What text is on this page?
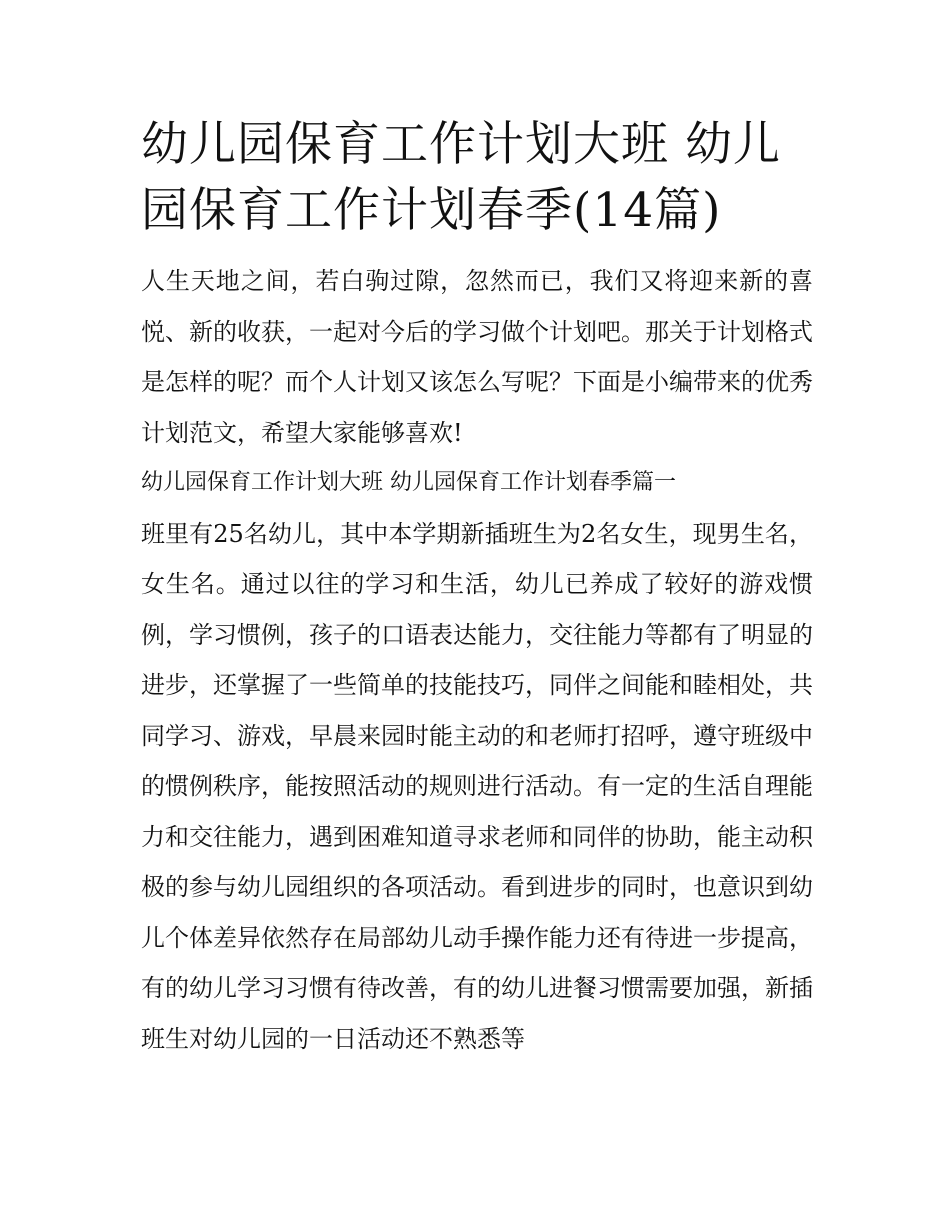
幼儿园保育工作计划大班 幼儿园保育工作计划春季(14篇)

人生天地之间，若白驹过隙，忽然而已，我们又将迎来新的喜悦、新的收获，一起对今后的学习做个计划吧。那关于计划格式是怎样的呢？而个人计划又该怎么写呢？下面是小编带来的优秀计划范文，希望大家能够喜欢!

幼儿园保育工作计划大班 幼儿园保育工作计划春季篇一

班里有25名幼儿，其中本学期新插班生为2名女生，现男生名，女生名。通过以往的学习和生活，幼儿已养成了较好的游戏惯例，学习惯例，孩子的口语表达能力，交往能力等都有了明显的进步，还掌握了一些简单的技能技巧，同伴之间能和睦相处，共同学习、游戏，早晨来园时能主动的和老师打招呼，遵守班级中的惯例秩序，能按照活动的规则进行活动。有一定的生活自理能力和交往能力，遇到困难知道寻求老师和同伴的协助，能主动积极的参与幼儿园组织的各项活动。看到进步的同时，也意识到幼儿个体差异依然存在局部幼儿动手操作能力还有待进一步提高，有的幼儿学习习惯有待改善，有的幼儿进餐习惯需要加强，新插班生对幼儿园的一日活动还不熟悉等
